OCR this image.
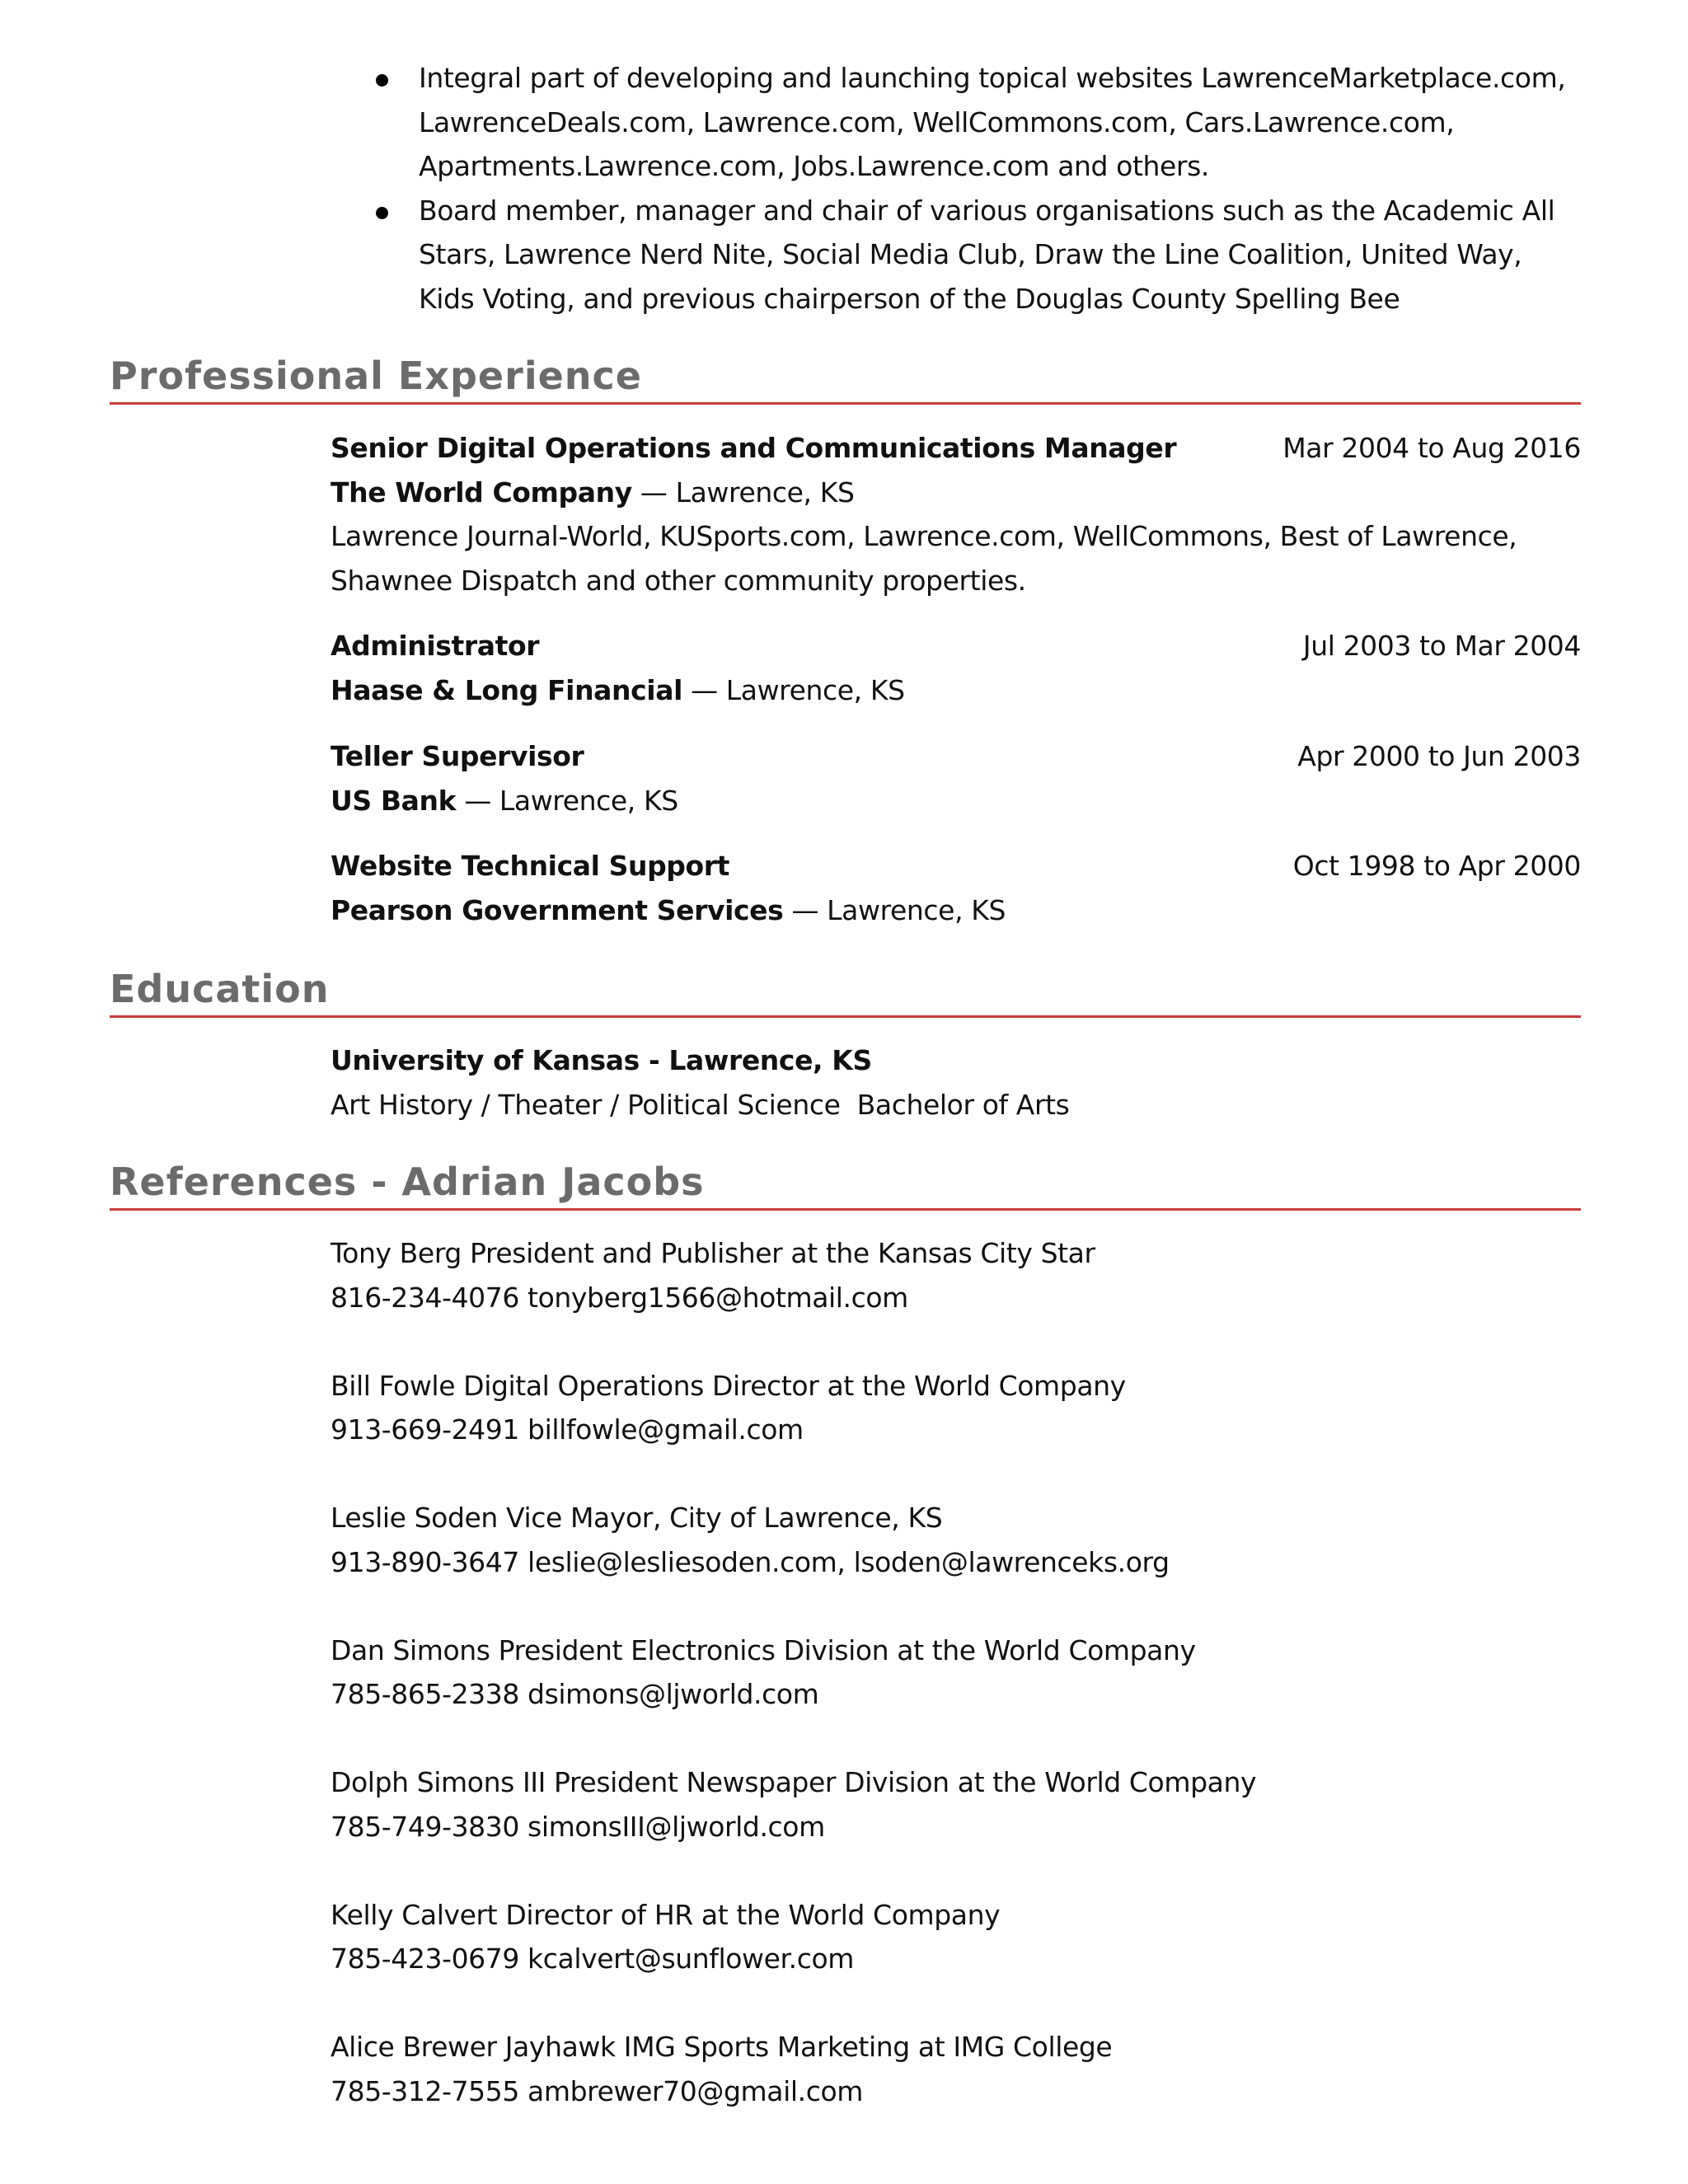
Integral part of developing and launching topical websites LawrenceMarketplace.com, LawrenceDeals.com, Lawrence.com, WellCommons.com, Cars.Lawrence.com, Apartments.Lawrence.com, Jobs.Lawrence.com and others.
Board member, manager and chair of various organisations such as the Academic All Stars, Lawrence Nerd Nite, Social Media Club, Draw the Line Coalition, United Way, Kids Voting, and previous chairperson of the Douglas County Spelling Bee
Professional Experience
Senior Digital Operations and Communications Manager	Mar 2004 to Aug 2016
The World Company — Lawrence, KS
Lawrence Journal-World, KUSports.com, Lawrence.com, WellCommons, Best of Lawrence, Shawnee Dispatch and other community properties.
Administrator	Jul 2003 to Mar 2004
Haase & Long Financial — Lawrence, KS
Teller Supervisor	Apr 2000 to Jun 2003
US Bank — Lawrence, KS
Website Technical Support	Oct 1998 to Apr 2000
Pearson Government Services — Lawrence, KS
Education
University of Kansas - Lawrence, KS
Art History / Theater / Political Science  Bachelor of Arts
References - Adrian Jacobs
Tony Berg President and Publisher at the Kansas City Star
816-234-4076 tonyberg1566@hotmail.com
Bill Fowle Digital Operations Director at the World Company
913-669-2491 billfowle@gmail.com
Leslie Soden Vice Mayor, City of Lawrence, KS
913-890-3647 leslie@lesliesoden.com, lsoden@lawrenceks.org
Dan Simons President Electronics Division at the World Company
785-865-2338 dsimons@ljworld.com
Dolph Simons III President Newspaper Division at the World Company
785-749-3830 simonsIII@ljworld.com
Kelly Calvert Director of HR at the World Company
785-423-0679 kcalvert@sunflower.com
Alice Brewer Jayhawk IMG Sports Marketing at IMG College
785-312-7555 ambrewer70@gmail.com
